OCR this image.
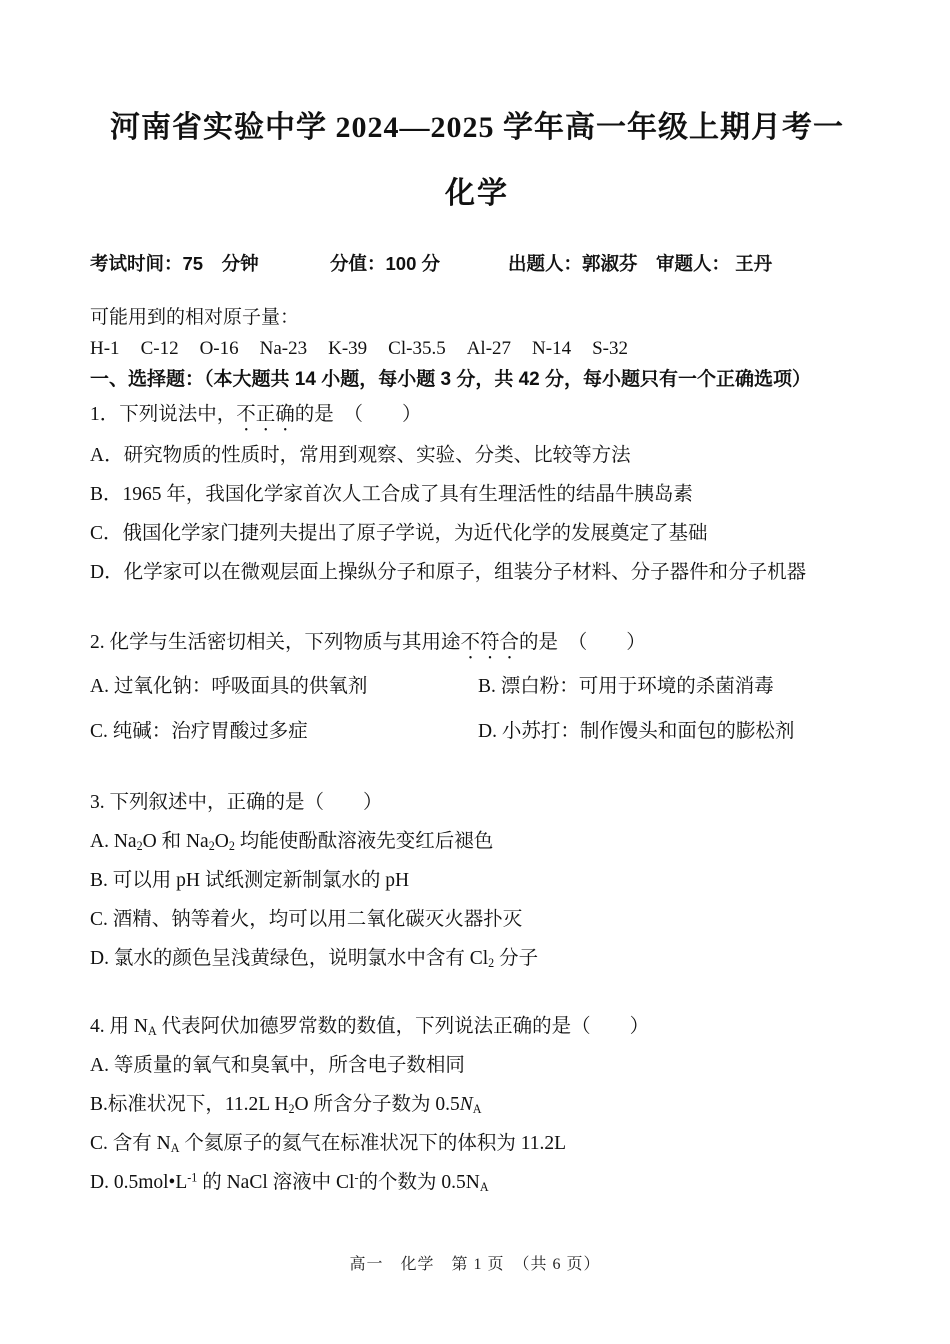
河南省实验中学 2024—2025 学年高一年级上期月考一
化学
考试时间：75　分钟	分值：100 分	出题人：郭淑芬 审题人： 王丹

可能用到的相对原子量：

H-1 C-12 O-16 Na-23 K-39 Cl-35.5 Al-27 N-14 S-32

一、选择题：（本大题共 14 小题，每小题 3 分，共 42 分，每小题只有一个正确选项）

1．下列说法中，不正确的是　（　　）

A．研究物质的性质时，常用到观察、实验、分类、比较等方法

B．1965 年，我国化学家首次人工合成了具有生理活性的结晶牛胰岛素

C．俄国化学家门捷列夫提出了原子学说，为近代化学的发展奠定了基础

D．化学家可以在微观层面上操纵分子和原子，组装分子材料、分子器件和分子机器

2. 化学与生活密切相关，下列物质与其用途不符合的是　（　　）

A. 过氧化钠：呼吸面具的供氧剂	B. 漂白粉：可用于环境的杀菌消毒

C. 纯碱：治疗胃酸过多症	D. 小苏打：制作馒头和面包的膨松剂

3. 下列叙述中，正确的是（　　）

A. $Na_2O$ 和 $Na_2O_2$ 均能使酚酞溶液先变红后褪色

B. 可以用 pH 试纸测定新制氯水的 pH

C. 酒精、钠等着火，均可以用二氧化碳灭火器扑灭

D. 氯水的颜色呈浅黄绿色，说明氯水中含有 $Cl_2$ 分子

4. 用 $N_A$ 代表阿伏加德罗常数的数值，下列说法正确的是（　　）

A. 等质量的氧气和臭氧中，所含电子数相同

B.标准状况下，11.2L $H_2O$ 所含分子数为 $0.5N_A$

C. 含有 $N_A$ 个氦原子的氦气在标准状况下的体积为 11.2L

D. $0.5mol•L^{-1}$ 的 NaCl 溶液中 Cl-的个数为 $0.5N_A$

高一　化学　第 1 页　（共 6 页）
